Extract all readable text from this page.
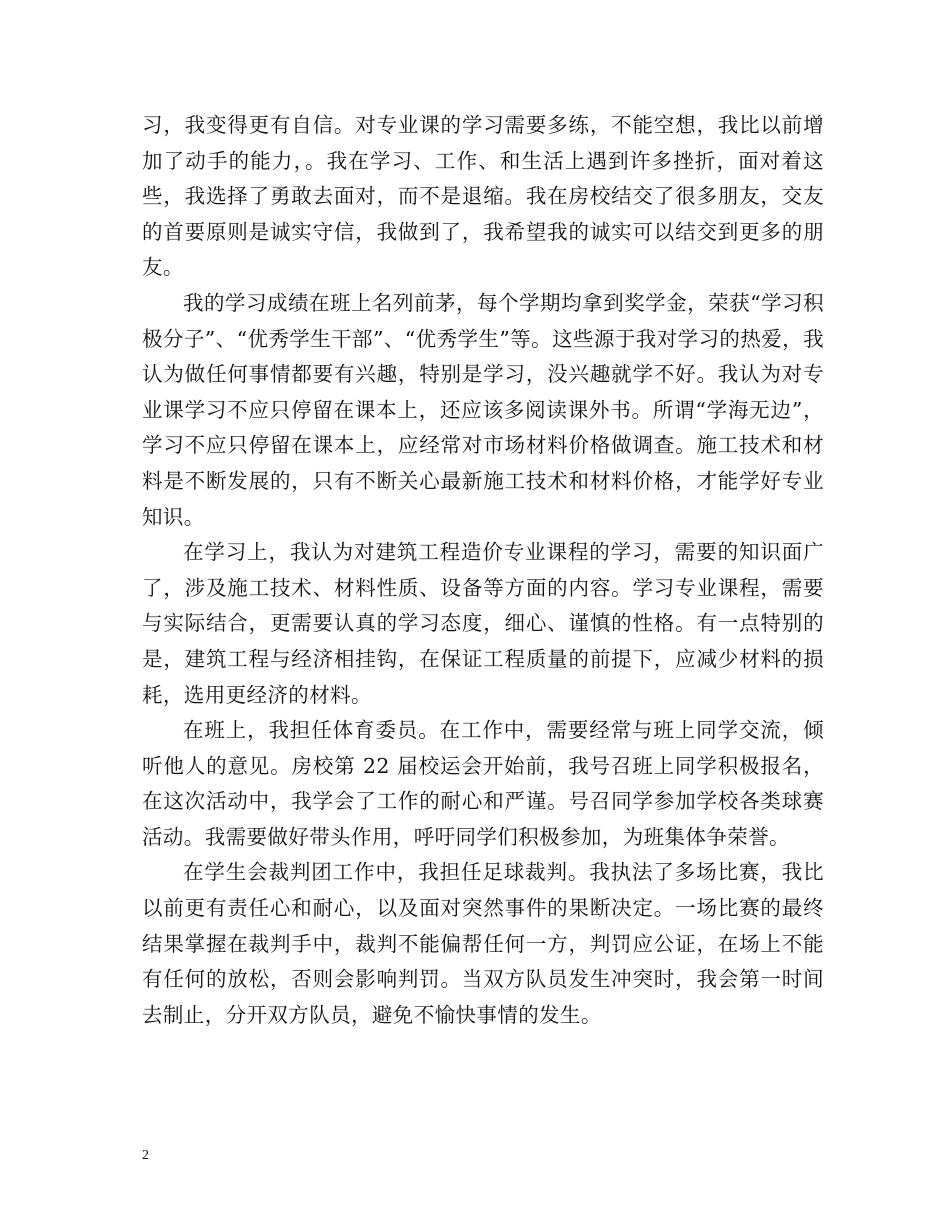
习，我变得更有自信。对专业课的学习需要多练，不能空想，我比以前增加了动手的能力，。我在学习、工作、和生活上遇到许多挫折，面对着这些，我选择了勇敢去面对，而不是退缩。我在房校结交了很多朋友，交友的首要原则是诚实守信，我做到了，我希望我的诚实可以结交到更多的朋友。

我的学习成绩在班上名列前茅，每个学期均拿到奖学金，荣获“学习积极分子”、“优秀学生干部”、“优秀学生”等。这些源于我对学习的热爱，我认为做任何事情都要有兴趣，特别是学习，没兴趣就学不好。我认为对专业课学习不应只停留在课本上，还应该多阅读课外书。所谓“学海无边”，学习不应只停留在课本上，应经常对市场材料价格做调查。施工技术和材料是不断发展的，只有不断关心最新施工技术和材料价格，才能学好专业知识。

在学习上，我认为对建筑工程造价专业课程的学习，需要的知识面广了，涉及施工技术、材料性质、设备等方面的内容。学习专业课程，需要与实际结合，更需要认真的学习态度，细心、谨慎的性格。有一点特别的是，建筑工程与经济相挂钩，在保证工程质量的前提下，应减少材料的损耗，选用更经济的材料。

在班上，我担任体育委员。在工作中，需要经常与班上同学交流，倾听他人的意见。房校第 22 届校运会开始前，我号召班上同学积极报名，在这次活动中，我学会了工作的耐心和严谨。号召同学参加学校各类球赛活动。我需要做好带头作用，呼吁同学们积极参加，为班集体争荣誉。

在学生会裁判团工作中，我担任足球裁判。我执法了多场比赛，我比以前更有责任心和耐心，以及面对突然事件的果断决定。一场比赛的最终结果掌握在裁判手中，裁判不能偏帮任何一方，判罚应公证，在场上不能有任何的放松，否则会影响判罚。当双方队员发生冲突时，我会第一时间去制止，分开双方队员，避免不愉快事情的发生。

2
